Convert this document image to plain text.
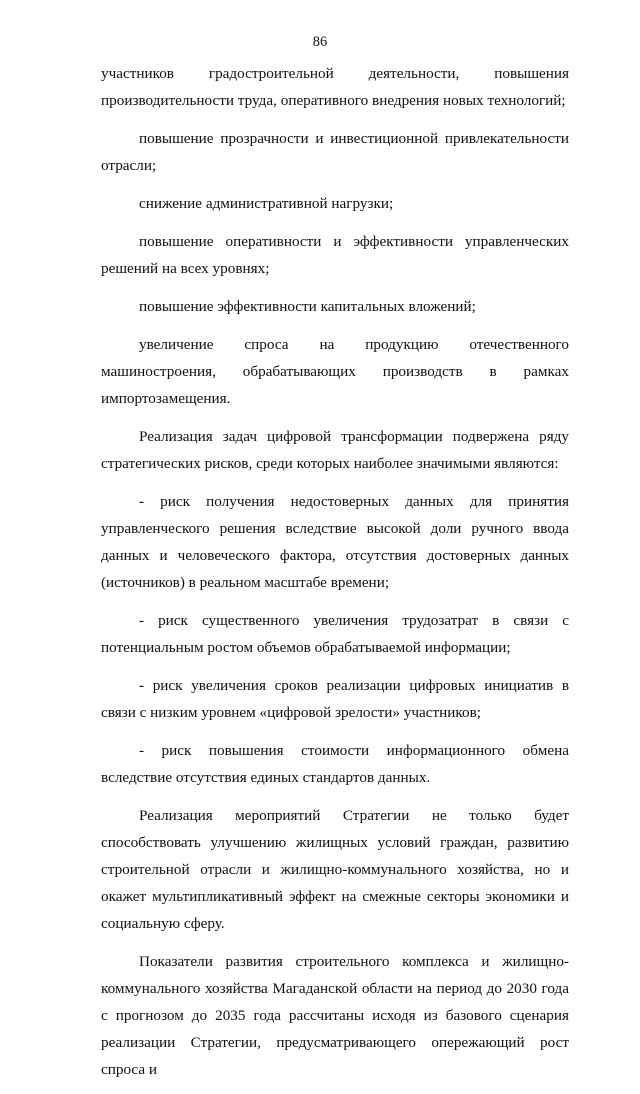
86

участников градостроительной деятельности, повышения производительности труда, оперативного внедрения новых технологий;

повышение прозрачности и инвестиционной привлекательности отрасли;

снижение административной нагрузки;

повышение оперативности и эффективности управленческих решений на всех уровнях;

повышение эффективности капитальных вложений;

увеличение спроса на продукцию отечественного машиностроения, обрабатывающих производств в рамках импортозамещения.

Реализация задач цифровой трансформации подвержена ряду стратегических рисков, среди которых наиболее значимыми являются:

- риск получения недостоверных данных для принятия управленческого решения вследствие высокой доли ручного ввода данных и человеческого фактора, отсутствия достоверных данных (источников) в реальном масштабе времени;

- риск существенного увеличения трудозатрат в связи с потенциальным ростом объемов обрабатываемой информации;

- риск увеличения сроков реализации цифровых инициатив в связи с низким уровнем «цифровой зрелости» участников;

- риск повышения стоимости информационного обмена вследствие отсутствия единых стандартов данных.

Реализация мероприятий Стратегии не только будет способствовать улучшению жилищных условий граждан, развитию строительной отрасли и жилищно-коммунального хозяйства, но и окажет мультипликативный эффект на смежные секторы экономики и социальную сферу.

Показатели развития строительного комплекса и жилищно-коммунального хозяйства Магаданской области на период до 2030 года с прогнозом до 2035 года рассчитаны исходя из базового сценария реализации Стратегии, предусматривающего опережающий рост спроса и
